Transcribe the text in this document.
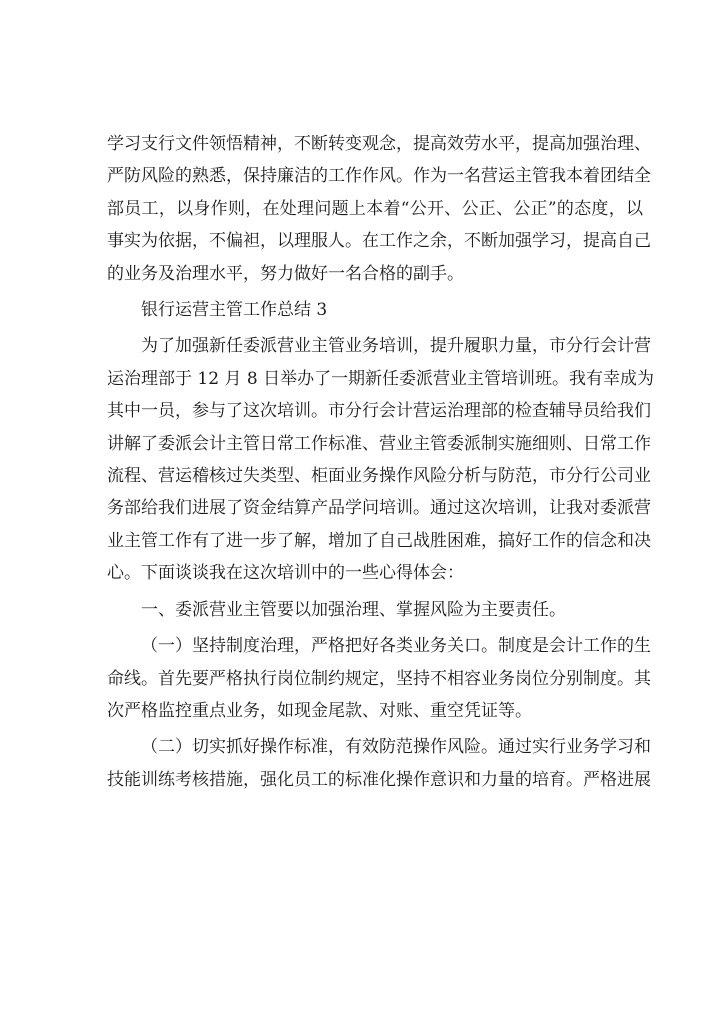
学习支行文件领悟精神，不断转变观念，提高效劳水平，提高加强治理、
严防风险的熟悉，保持廉洁的工作作风。作为一名营运主管我本着团结全
部员工，以身作则，在处理问题上本着“公开、公正、公正”的态度，以
事实为依据，不偏袒，以理服人。在工作之余，不断加强学习，提高自己
的业务及治理水平，努力做好一名合格的副手。

银行运营主管工作总结 3

为了加强新任委派营业主管业务培训，提升履职力量，市分行会计营
运治理部于 12 月 8 日举办了一期新任委派营业主管培训班。我有幸成为
其中一员，参与了这次培训。市分行会计营运治理部的检查辅导员给我们
讲解了委派会计主管日常工作标准、营业主管委派制实施细则、日常工作
流程、营运稽核过失类型、柜面业务操作风险分析与防范，市分行公司业
务部给我们进展了资金结算产品学问培训。通过这次培训，让我对委派营
业主管工作有了进一步了解，增加了自己战胜困难，搞好工作的信念和决
心。下面谈谈我在这次培训中的一些心得体会：

一、委派营业主管要以加强治理、掌握风险为主要责任。

（一）坚持制度治理，严格把好各类业务关口。制度是会计工作的生
命线。首先要严格执行岗位制约规定，坚持不相容业务岗位分别制度。其
次严格监控重点业务，如现金尾款、对账、重空凭证等。

（二）切实抓好操作标准，有效防范操作风险。通过实行业务学习和
技能训练考核措施，强化员工的标准化操作意识和力量的培育。严格进展
